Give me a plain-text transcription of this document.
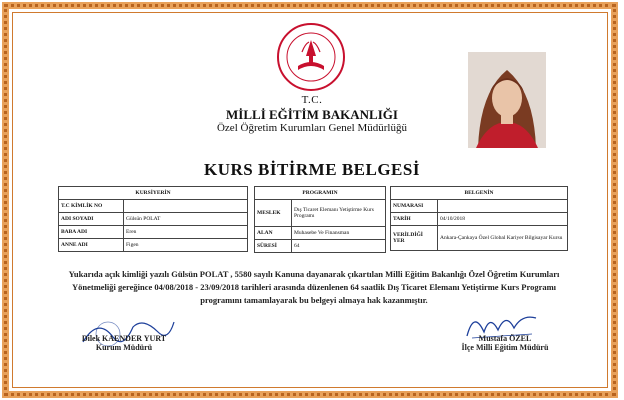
T.C.
MİLLİ EĞİTİM BAKANLIĞI
Özel Öğretim Kurumları Genel Müdürlüğü
KURS BİTİRME BELGESİ
KURSİYERİN	
T.C KİMLİK NO	
ADI SOYADI	Gülsün POLAT
BABA ADI	Eren
ANNE ADI	Figen
PROGRAMIN	
MESLEK	Dış Ticaret Elemanı Yetiştirme Kurs Programı
ALAN	Muhasebe Ve Finansman
SÜRESİ	64
BELGENİN	
NUMARASI	
TARİH	04/10/2018
VERİLDİĞİ YER	Ankara-Çankaya Özel Global Kariyer Bilgisayar Kursu
Yukarıda açık kimliği yazılı Gülsün POLAT , 5580 sayılı Kanuna dayanarak çıkartılan Milli Eğitim Bakanlığı Özel Öğretim Kurumları Yönetmeliği gereğince 04/08/2018 - 23/09/2018 tarihleri arasında düzenlenen 64 saatlik Dış Ticaret Elemanı Yetiştirme Kurs Programı programını tamamlayarak bu belgeyi almaya hak kazanmıştır.
Dilek KAENDER YURT
Kurum Müdürü
Mustafa ÖZEL
İlçe Milli Eğitim Müdürü
